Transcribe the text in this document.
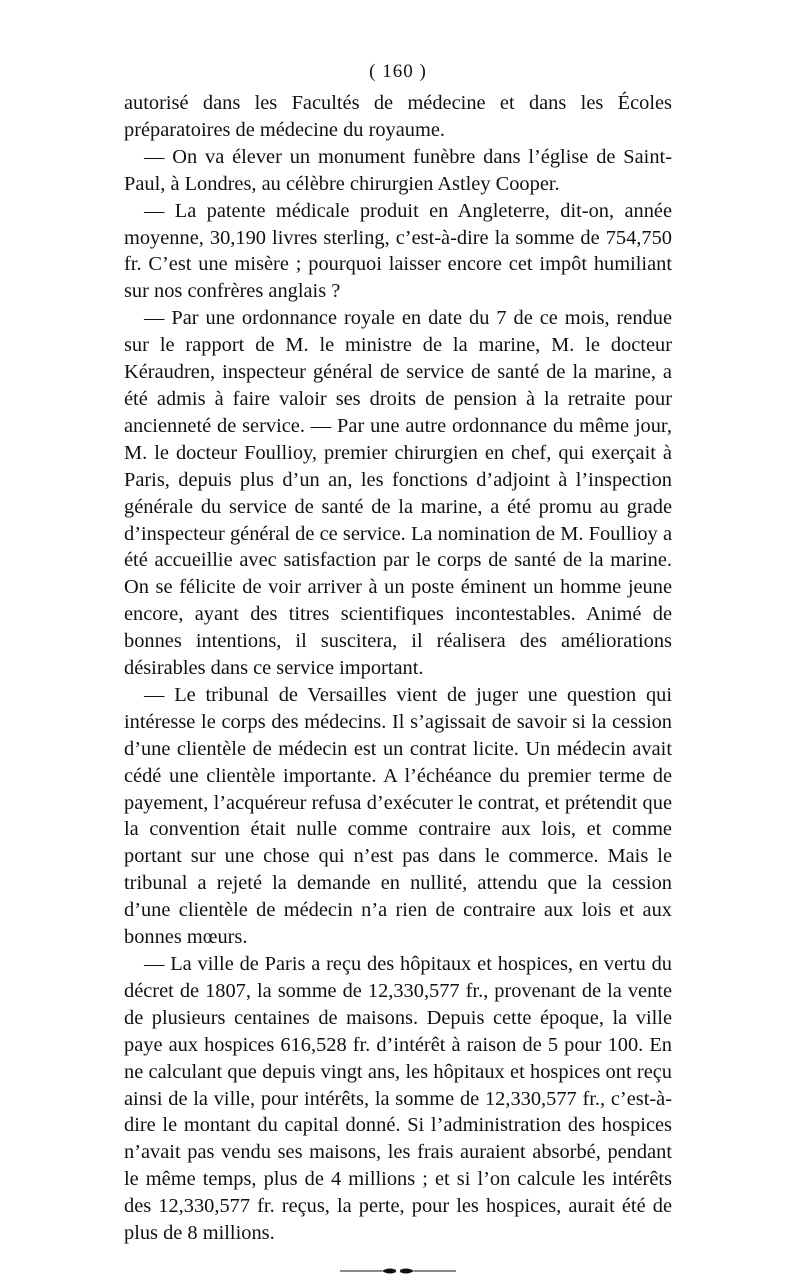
( 160 )

autorisé dans les Facultés de médecine et dans les Écoles préparatoires de médecine du royaume.

— On va élever un monument funèbre dans l’église de Saint-Paul, à Londres, au célèbre chirurgien Astley Cooper.

— La patente médicale produit en Angleterre, dit-on, année moyenne, 30,190 livres sterling, c’est-à-dire la somme de 754,750 fr. C’est une misère ; pourquoi laisser encore cet impôt humiliant sur nos confrères anglais ?

— Par une ordonnance royale en date du 7 de ce mois, rendue sur le rapport de M. le ministre de la marine, M. le docteur Kéraudren, inspecteur général de service de santé de la marine, a été admis à faire valoir ses droits de pension à la retraite pour ancienneté de service. — Par une autre ordonnance du même jour, M. le docteur Foullioy, premier chirurgien en chef, qui exerçait à Paris, depuis plus d’un an, les fonctions d’adjoint à l’inspection générale du service de santé de la marine, a été promu au grade d’inspecteur général de ce service. La nomination de M. Foullioy a été accueillie avec satisfaction par le corps de santé de la marine. On se félicite de voir arriver à un poste éminent un homme jeune encore, ayant des titres scientifiques incontestables. Animé de bonnes intentions, il suscitera, il réalisera des améliorations désirables dans ce service important.

— Le tribunal de Versailles vient de juger une question qui intéresse le corps des médecins. Il s’agissait de savoir si la cession d’une clientèle de médecin est un contrat licite. Un médecin avait cédé une clientèle importante. A l’échéance du premier terme de payement, l’acquéreur refusa d’exécuter le contrat, et prétendit que la convention était nulle comme contraire aux lois, et comme portant sur une chose qui n’est pas dans le commerce. Mais le tribunal a rejeté la demande en nullité, attendu que la cession d’une clientèle de médecin n’a rien de contraire aux lois et aux bonnes mœurs.

— La ville de Paris a reçu des hôpitaux et hospices, en vertu du décret de 1807, la somme de 12,330,577 fr., provenant de la vente de plusieurs centaines de maisons. Depuis cette époque, la ville paye aux hospices 616,528 fr. d’intérêt à raison de 5 pour 100. En ne calculant que depuis vingt ans, les hôpitaux et hospices ont reçu ainsi de la ville, pour intérêts, la somme de 12,330,577 fr., c’est-à-dire le montant du capital donné. Si l’administration des hospices n’avait pas vendu ses maisons, les frais auraient absorbé, pendant le même temps, plus de 4 millions ; et si l’on calcule les intérêts des 12,330,577 fr. reçus, la perte, pour les hospices, aurait été de plus de 8 millions.
